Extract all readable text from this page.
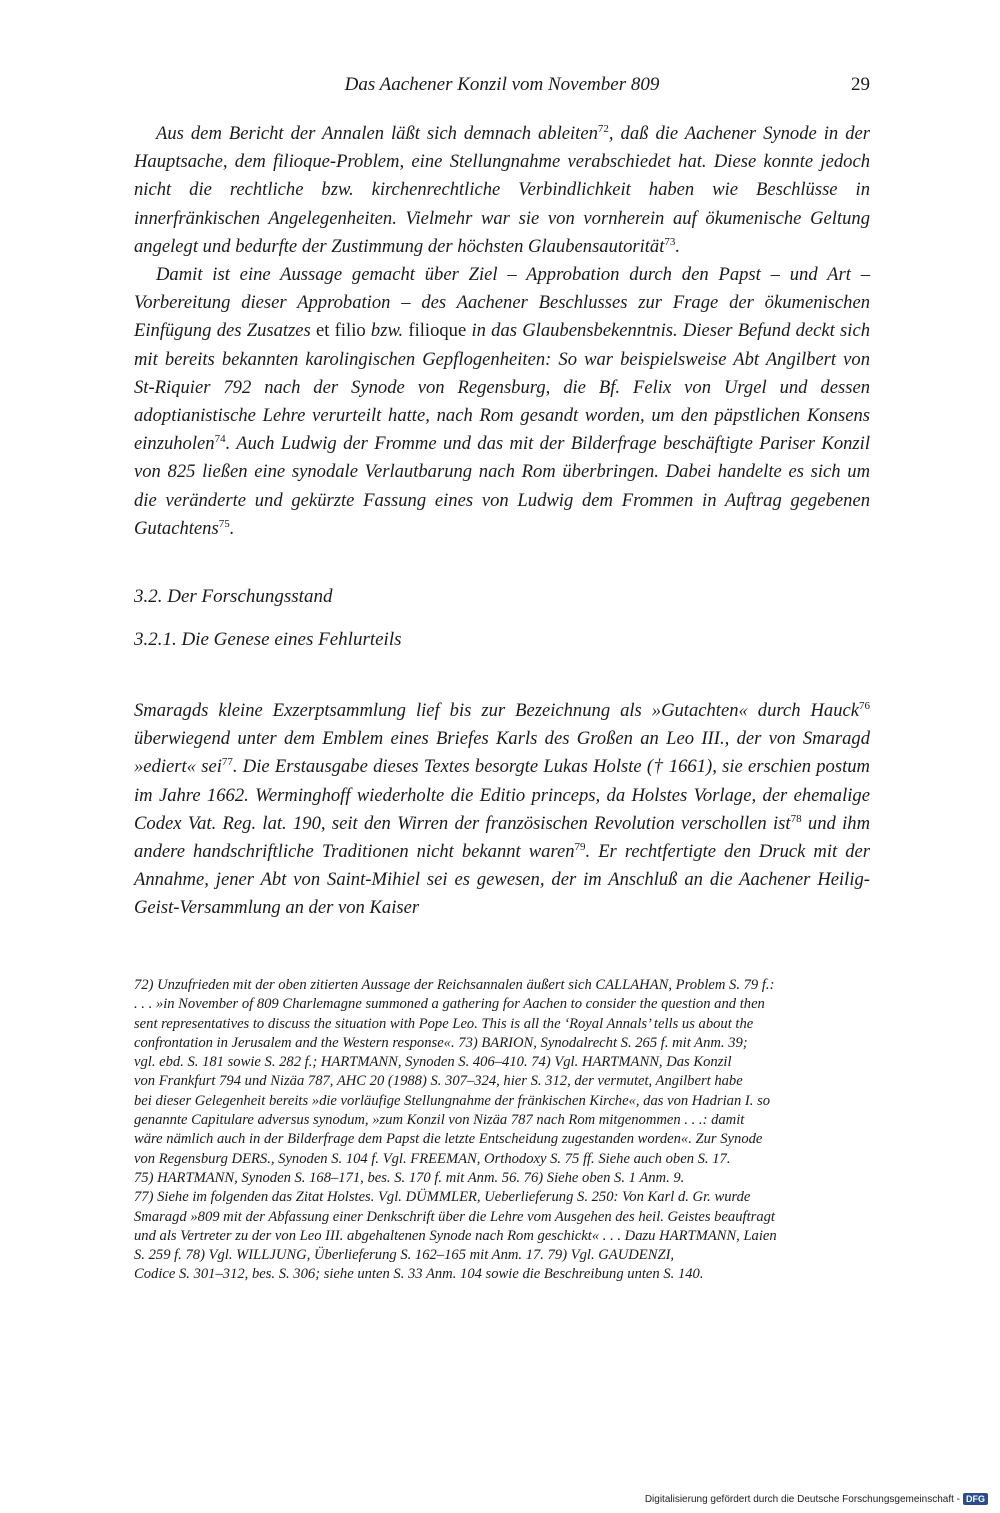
Das Aachener Konzil vom November 809	29

Aus dem Bericht der Annalen läßt sich demnach ableiten$^{72}$, daß die Aachener Synode in der Hauptsache, dem filioque-Problem, eine Stellungnahme verabschiedet hat. Diese konnte jedoch nicht die rechtliche bzw. kirchenrechtliche Verbindlichkeit haben wie Beschlüsse in innerfränkischen Angelegenheiten. Vielmehr war sie von vornherein auf ökumenische Geltung angelegt und bedurfte der Zustimmung der höchsten Glaubensautorität$^{73}$.

Damit ist eine Aussage gemacht über Ziel – Approbation durch den Papst – und Art – Vorbereitung dieser Approbation – des Aachener Beschlusses zur Frage der ökumenischen Einfügung des Zusatzes et filio bzw. filioque in das Glaubensbekenntnis. Dieser Befund deckt sich mit bereits bekannten karolingischen Gepflogenheiten: So war beispielsweise Abt Angilbert von St-Riquier 792 nach der Synode von Regensburg, die Bf. Felix von Urgel und dessen adoptianistische Lehre verurteilt hatte, nach Rom gesandt worden, um den päpstlichen Konsens einzuholen$^{74}$. Auch Ludwig der Fromme und das mit der Bilderfrage beschäftigte Pariser Konzil von 825 ließen eine synodale Verlautbarung nach Rom überbringen. Dabei handelte es sich um die veränderte und gekürzte Fassung eines von Ludwig dem Frommen in Auftrag gegebenen Gutachtens$^{75}$.

3.2. Der Forschungsstand
3.2.1. Die Genese eines Fehlurteils

Smaragds kleine Exzerptsammlung lief bis zur Bezeichnung als »Gutachten« durch Hauck$^{76}$ überwiegend unter dem Emblem eines Briefes Karls des Großen an Leo III., der von Smaragd »ediert« sei$^{77}$. Die Erstausgabe dieses Textes besorgte Lukas Holste († 1661), sie erschien postum im Jahre 1662. Werminghoff wiederholte die Editio princeps, da Holstes Vorlage, der ehemalige Codex Vat. Reg. lat. 190, seit den Wirren der französischen Revolution verschollen ist$^{78}$ und ihm andere handschriftliche Traditionen nicht bekannt waren$^{79}$. Er rechtfertigte den Druck mit der Annahme, jener Abt von Saint-Mihiel sei es gewesen, der im Anschluß an die Aachener Heilig-Geist-Versammlung an der von Kaiser

72) Unzufrieden mit der oben zitierten Aussage der Reichsannalen äußert sich CALLAHAN, Problem S. 79 f.:
. . . »in November of 809 Charlemagne summoned a gathering for Aachen to consider the question and then
sent representatives to discuss the situation with Pope Leo. This is all the ‘Royal Annals’ tells us about the
confrontation in Jerusalem and the Western response«. 73) BARION, Synodalrecht S. 265 f. mit Anm. 39;
vgl. ebd. S. 181 sowie S. 282 f.; HARTMANN, Synoden S. 406–410. 74) Vgl. HARTMANN, Das Konzil
von Frankfurt 794 und Nizäa 787, AHC 20 (1988) S. 307–324, hier S. 312, der vermutet, Angilbert habe
bei dieser Gelegenheit bereits »die vorläufige Stellungnahme der fränkischen Kirche«, das von Hadrian I. so
genannte Capitulare adversus synodum, »zum Konzil von Nizäa 787 nach Rom mitgenommen . . .: damit
wäre nämlich auch in der Bilderfrage dem Papst die letzte Entscheidung zugestanden worden«. Zur Synode
von Regensburg DERS., Synoden S. 104 f. Vgl. FREEMAN, Orthodoxy S. 75 ff. Siehe auch oben S. 17.
75) HARTMANN, Synoden S. 168–171, bes. S. 170 f. mit Anm. 56. 76) Siehe oben S. 1 Anm. 9.
77) Siehe im folgenden das Zitat Holstes. Vgl. DÜMMLER, Ueberlieferung S. 250: Von Karl d. Gr. wurde
Smaragd »809 mit der Abfassung einer Denkschrift über die Lehre vom Ausgehen des heil. Geistes beauftragt
und als Vertreter zu der von Leo III. abgehaltenen Synode nach Rom geschickt« . . . Dazu HARTMANN, Laien
S. 259 f. 78) Vgl. WILLJUNG, Überlieferung S. 162–165 mit Anm. 17. 79) Vgl. GAUDENZI,
Codice S. 301–312, bes. S. 306; siehe unten S. 33 Anm. 104 sowie die Beschreibung unten S. 140.
Digitalisierung gefördert durch die Deutsche Forschungsgemeinschaft - DFG
